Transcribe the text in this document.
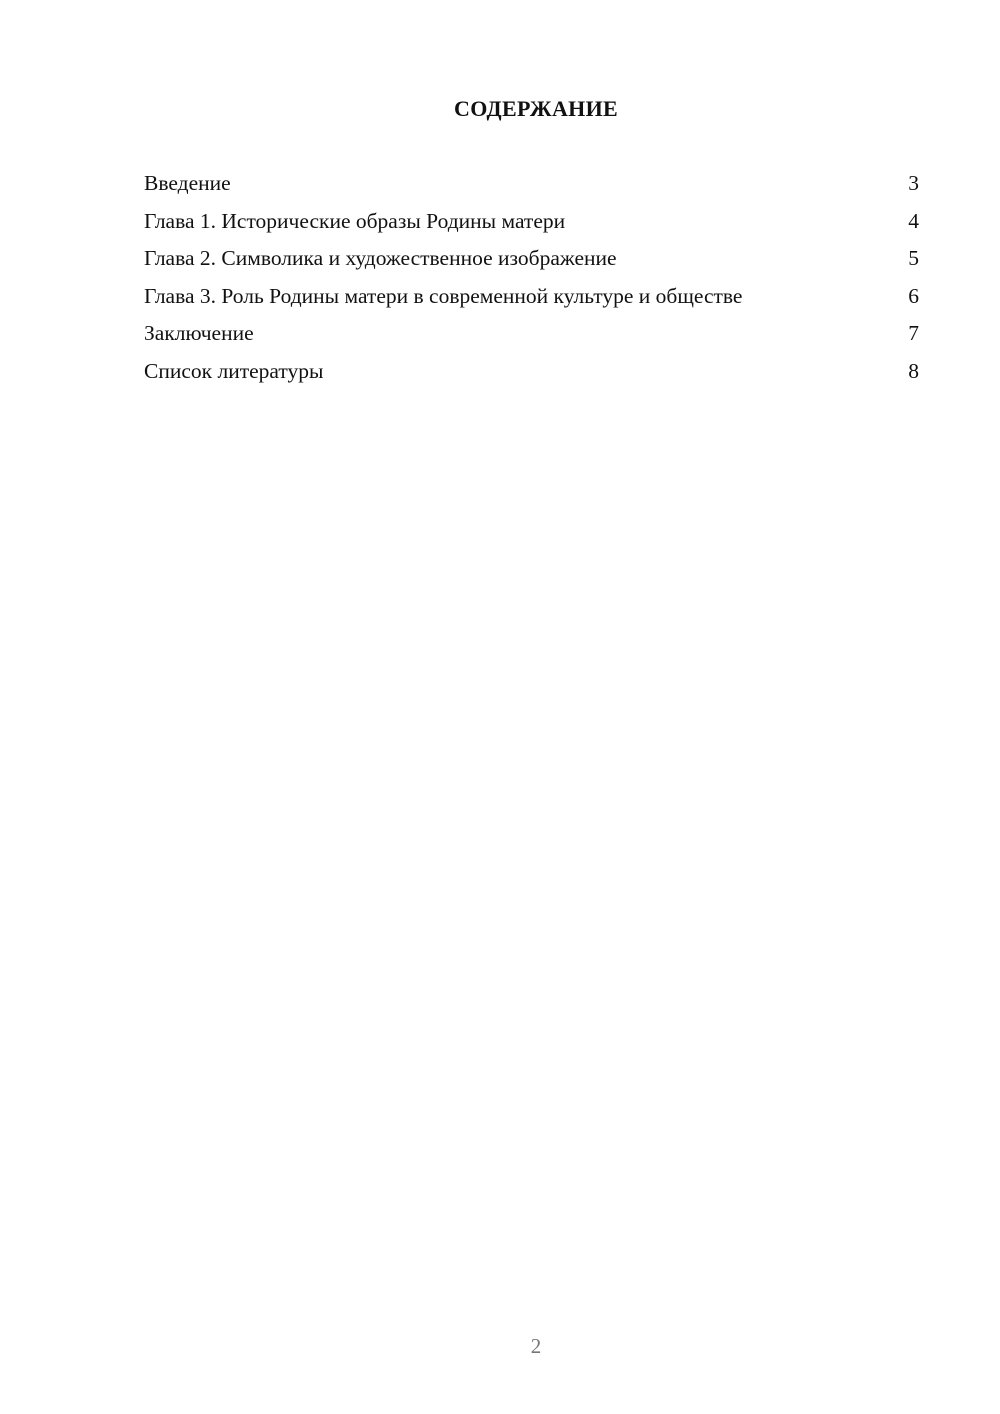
СОДЕРЖАНИЕ
Введение	3
Глава 1. Исторические образы Родины матери	4
Глава 2. Символика и художественное изображение	5
Глава 3. Роль Родины матери в современной культуре и обществе	6
Заключение	7
Список литературы	8
2
